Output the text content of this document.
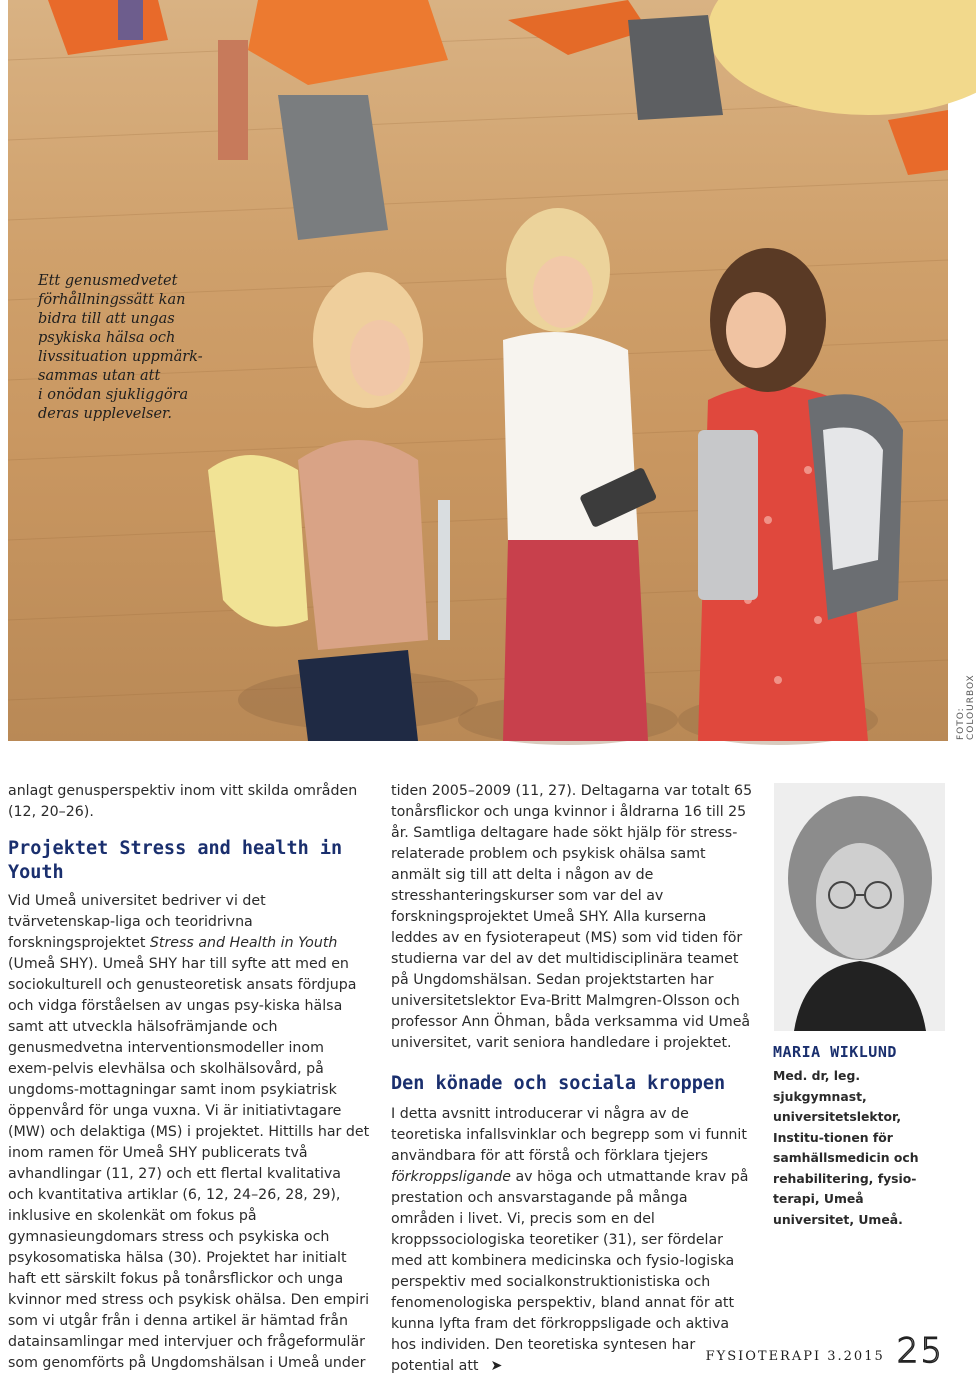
Ett genusmedvetet
förhållningssätt kan
bidra till att ungas
psykiska hälsa och
livssituation uppmärk-
sammas utan att
i onödan sjukliggöra
deras upplevelser.
FOTO: COLOURBOX

anlagt genusperspektiv inom vitt skilda områden (12, 20–26).

Projektet Stress and health in Youth

Vid Umeå universitet bedriver vi det tvärvetenskap-liga och teoridrivna forskningsprojektet Stress and Health in Youth (Umeå SHY). Umeå SHY har till syfte att med en sociokulturell och genusteoretisk ansats fördjupa och vidga förståelsen av ungas psy-kiska hälsa samt att utveckla hälsofrämjande och genusmedvetna interventionsmodeller inom exem-pelvis elevhälsa och skolhälsovård, på ungdoms-mottagningar samt inom psykiatrisk öppenvård för unga vuxna. Vi är initiativtagare (MW) och delaktiga (MS) i projektet. Hittills har det inom ramen för Umeå SHY publicerats två avhandlingar (11, 27) och ett flertal kvalitativa och kvantitativa artiklar (6, 12, 24–26, 28, 29), inklusive en skolenkät om fokus på gymnasieungdomars stress och psykiska och psykosomatiska hälsa (30). Projektet har initialt haft ett särskilt fokus på tonårsflickor och unga kvinnor med stress och psykisk ohälsa. Den empiri som vi utgår från i denna artikel är hämtad från datainsamlingar med intervjuer och frågeformulär som genomförts på Ungdomshälsan i Umeå under

tiden 2005–2009 (11, 27). Deltagarna var totalt 65 tonårsflickor och unga kvinnor i åldrarna 16 till 25 år. Samtliga deltagare hade sökt hjälp för stress-relaterade problem och psykisk ohälsa samt anmält sig till att delta i någon av de stresshanteringskurser som var del av forskningsprojektet Umeå SHY. Alla kurserna leddes av en fysioterapeut (MS) som vid tiden för studierna var del av det multidisciplinära teamet på Ungdomshälsan. Sedan projektstarten har universitetslektor Eva-Britt Malmgren-Olsson och professor Ann Öhman, båda verksamma vid Umeå universitet, varit seniora handledare i projektet.

Den könade och sociala kroppen

I detta avsnitt introducerar vi några av de teoretiska infallsvinklar och begrepp som vi funnit användbara för att förstå och förklara tjejers förkroppsligande av höga och utmattande krav på prestation och ansvarstagande på många områden i livet. Vi, precis som en del kroppssociologiska teoretiker (31), ser fördelar med att kombinera medicinska och fysio-logiska perspektiv med socialkonstruktionistiska och fenomenologiska perspektiv, bland annat för att kunna lyfta fram det förkroppsligade och aktiva hos individen. Den teoretiska syntesen har potential att ➤

MARIA WIKLUND
Med. dr, leg. sjukgymnast, universitetslektor, Institu-tionen för samhällsmedicin och rehabilitering, fysio-terapi, Umeå universitet, Umeå.
FYSIOTERAPI 3.2015 25
